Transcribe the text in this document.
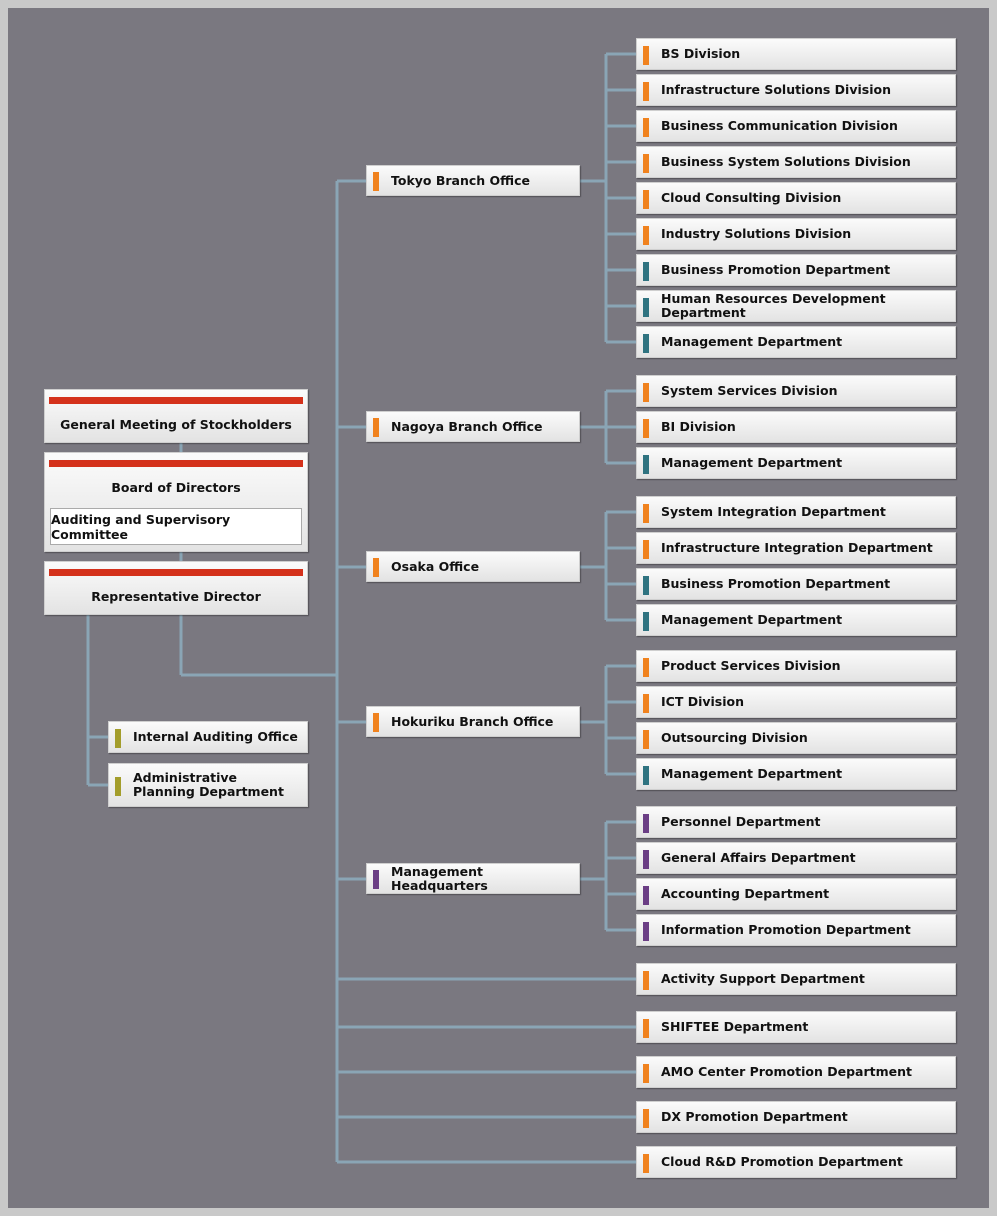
General Meeting of Stockholders
Board of Directors
Auditing and Supervisory Committee
Representative Director
Internal Auditing Office
Administrative Planning Department
Tokyo Branch Office
Nagoya Branch Office
Osaka Office
Hokuriku Branch Office
Management Headquarters
BS Division
Infrastructure Solutions Division
Business Communication Division
Business System Solutions Division
Cloud Consulting Division
Industry Solutions Division
Business Promotion Department
Human Resources Development Department
Management Department
System Services Division
BI Division
Management Department
System Integration Department
Infrastructure Integration Department
Business Promotion Department
Management Department
Product Services Division
ICT Division
Outsourcing Division
Management Department
Personnel Department
General Affairs Department
Accounting Department
Information Promotion Department
Activity Support Department
SHIFTEE Department
AMO Center Promotion Department
DX Promotion Department
Cloud R&D Promotion Department
